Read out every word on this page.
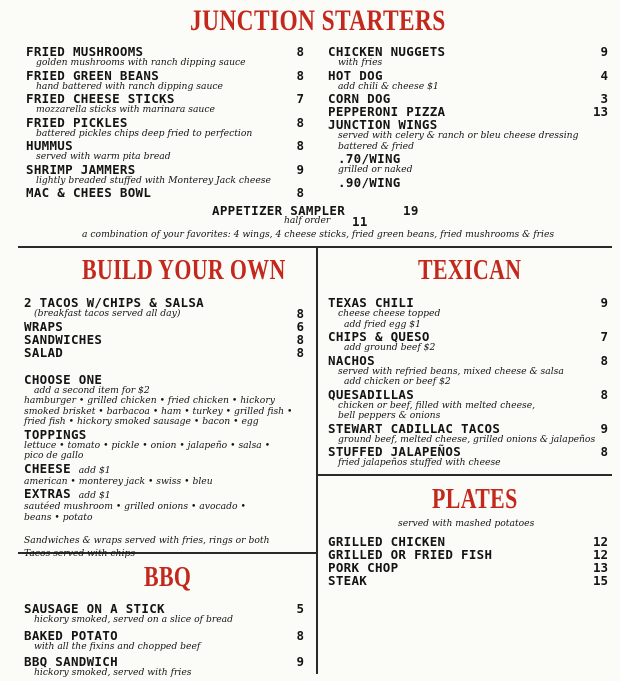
JUNCTION STARTERS
BUILD YOUR OWN	TEXICAN
PLATES
BBQ
FRIED MUSHROOMS	8
golden mushrooms with ranch dipping sauce
FRIED GREEN BEANS	8
hand battered with ranch dipping sauce
FRIED CHEESE STICKS	7
mozzarella sticks with marinara sauce
FRIED PICKLES	8
battered pickles chips deep fried to perfection
HUMMUS	8
served with warm pita bread
SHRIMP JAMMERS	9
lightly breaded stuffed with Monterey Jack cheese
MAC & CHEES BOWL	8
CHICKEN NUGGETS	9
with fries
HOT DOG	4
add chili & cheese $1
CORN DOG	3
PEPPERONI PIZZA	13
JUNCTION WINGS
served with celery & ranch or bleu cheese dressing
battered & fried
.70/WING
grilled or naked
.90/WING
APPETIZER SAMPLER	19
half order 11
a combination of your favorites: 4 wings, 4 cheese sticks, fried green beans, fried mushrooms & fries
2 TACOS W/CHIPS & SALSA
(breakfast tacos served all day)	8
WRAPS	6
SANDWICHES	8
SALAD	8
CHOOSE ONE
add a second item for $2
hamburger • grilled chicken • fried chicken • hickory
smoked brisket • barbacoa • ham • turkey • grilled fish •
fried fish • hickory smoked sausage • bacon • egg
TOPPINGS
lettuce • tomato • pickle • onion • jalapeño • salsa •
pico de gallo
CHEESE add $1
american • monterey jack • swiss • bleu
EXTRAS add $1
sautéed mushroom • grilled onions • avocado •
beans • potato
Sandwiches & wraps served with fries, rings or both
Tacos served with chips
SAUSAGE ON A STICK	5
hickory smoked, served on a slice of bread
BAKED POTATO	8
with all the fixins and chopped beef
BBQ SANDWICH	9
hickory smoked, served with fries
TEXAS CHILI	9
cheese cheese topped
add fried egg $1
CHIPS & QUESO	7
add ground beef $2
NACHOS	8
served with refried beans, mixed cheese & salsa
add chicken or beef $2
QUESADILLAS	8
chicken or beef, filled with melted cheese,
bell peppers & onions
STEWART CADILLAC TACOS	9
ground beef, melted cheese, grilled onions & jalapeños
STUFFED JALAPEÑOS	8
fried jalapeños stuffed with cheese
served with mashed potatoes
GRILLED CHICKEN	12
GRILLED OR FRIED FISH	12
PORK CHOP	13
STEAK	15
